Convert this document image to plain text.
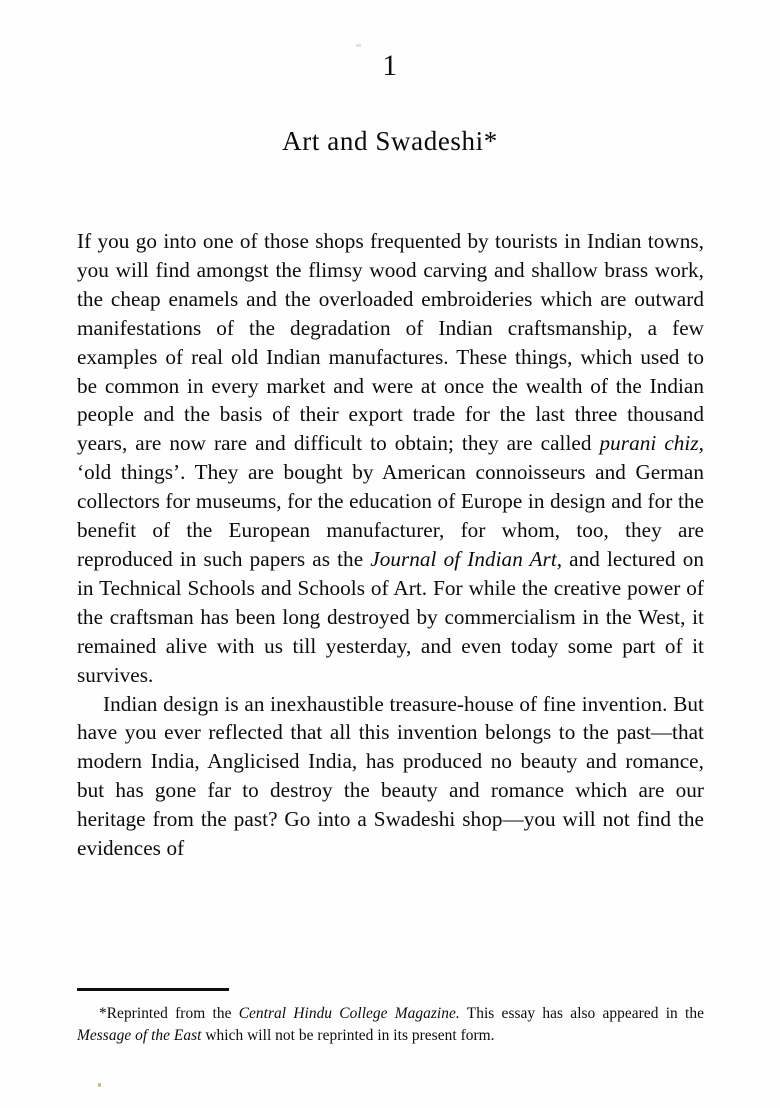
1
Art and Swadeshi*

If you go into one of those shops frequented by tourists in Indian towns, you will find amongst the flimsy wood carving and shallow brass work, the cheap enamels and the overloaded embroideries which are outward manifestations of the degradation of Indian craftsmanship, a few examples of real old Indian manufactures. These things, which used to be common in every market and were at once the wealth of the Indian people and the basis of their export trade for the last three thousand years, are now rare and difficult to obtain; they are called purani chiz, ‘old things’. They are bought by American connoisseurs and German collectors for museums, for the education of Europe in design and for the benefit of the European manufacturer, for whom, too, they are reproduced in such papers as the Journal of Indian Art, and lectured on in Technical Schools and Schools of Art. For while the creative power of the craftsman has been long destroyed by commercialism in the West, it remained alive with us till yesterday, and even today some part of it survives.

Indian design is an inexhaustible treasure-house of fine invention. But have you ever reflected that all this invention belongs to the past—that modern India, Anglicised India, has produced no beauty and romance, but has gone far to destroy the beauty and romance which are our heritage from the past? Go into a Swadeshi shop—you will not find the evidences of

*Reprinted from the Central Hindu College Magazine. This essay has also appeared in the Message of the East which will not be reprinted in its present form.
